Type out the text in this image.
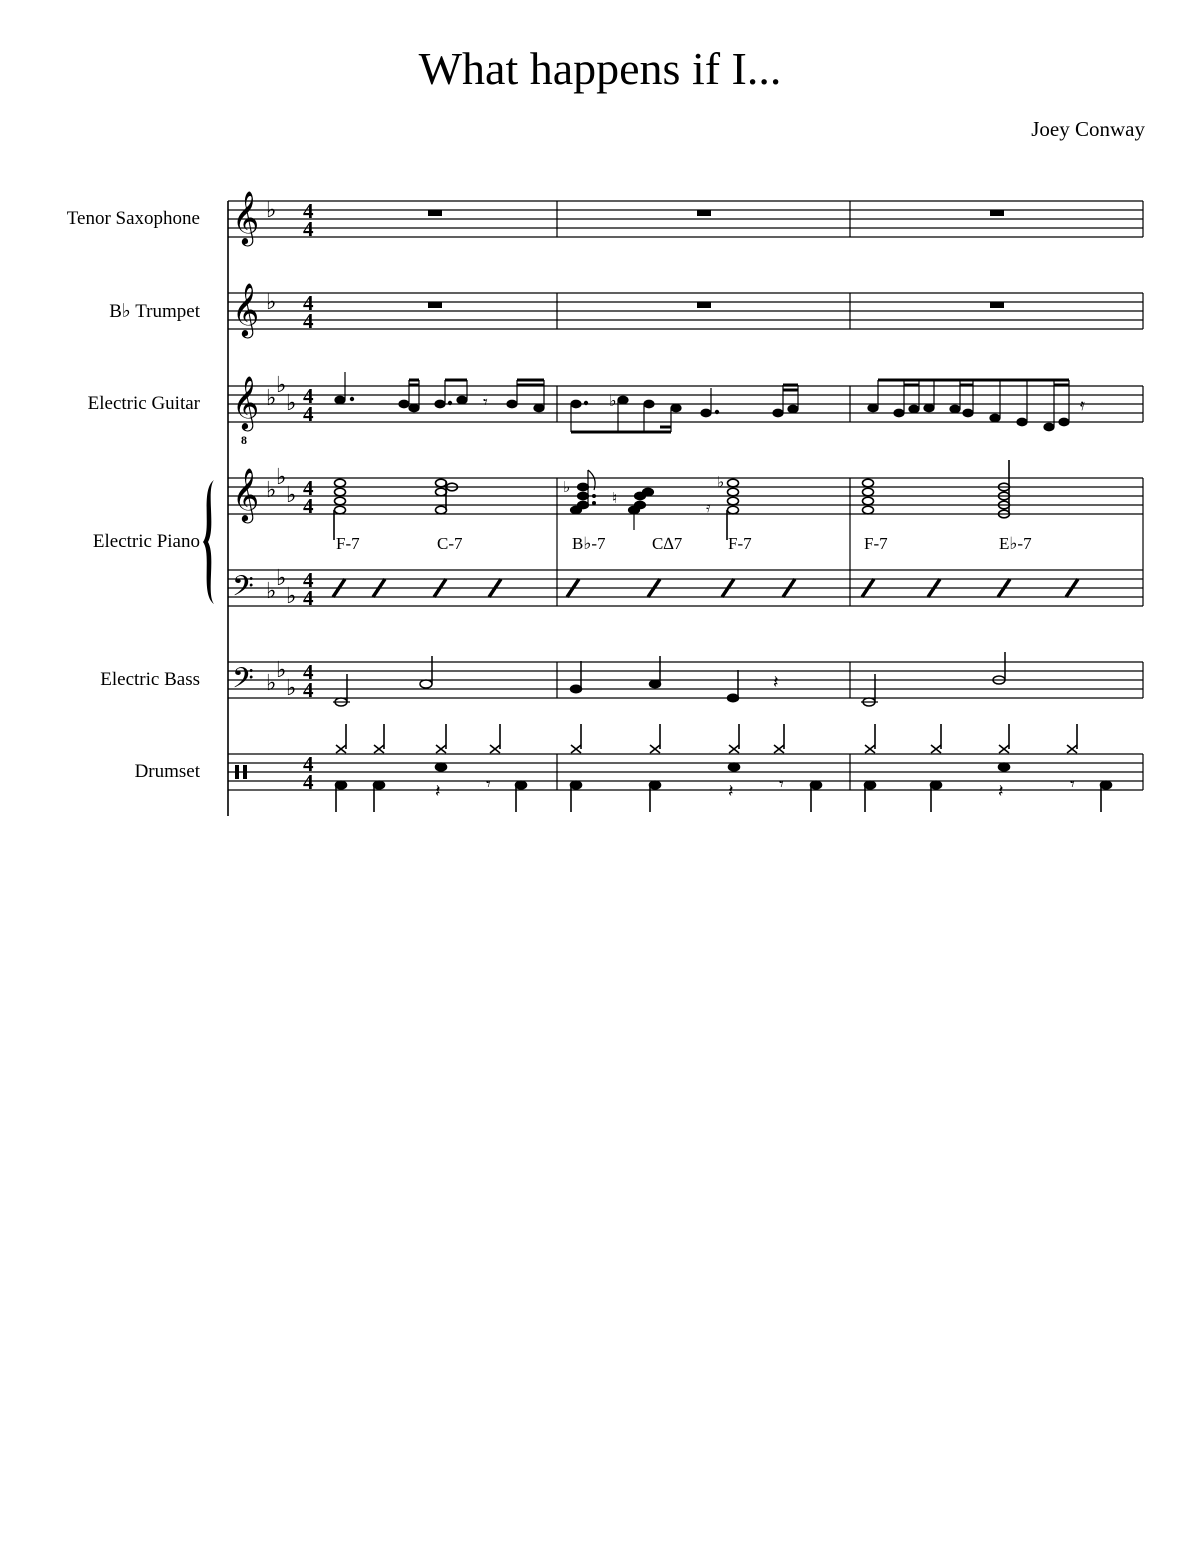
What happens if I...
Joey Conway
Tenor Saxophone
B♭ Trumpet
Electric Guitar
Electric Piano
Electric Bass
Drumset
𝄞
𝄞
𝄞
𝄞
𝄢
𝄢
8
♭
♭
♭
♭
♭
♭
♭
♭
♭
♭
♭
♭
♭
♭
4
4
4
4
4
4
4
4
4
4
4
4
4
4
𝄾	♭	𝄿
♭
♮	𝄿
♭
F-7	C-7	B♭-7	C∆7	F-7	F-7	E♭-7
𝄽
𝄽	𝄾	𝄽	𝄾	𝄽	𝄾
